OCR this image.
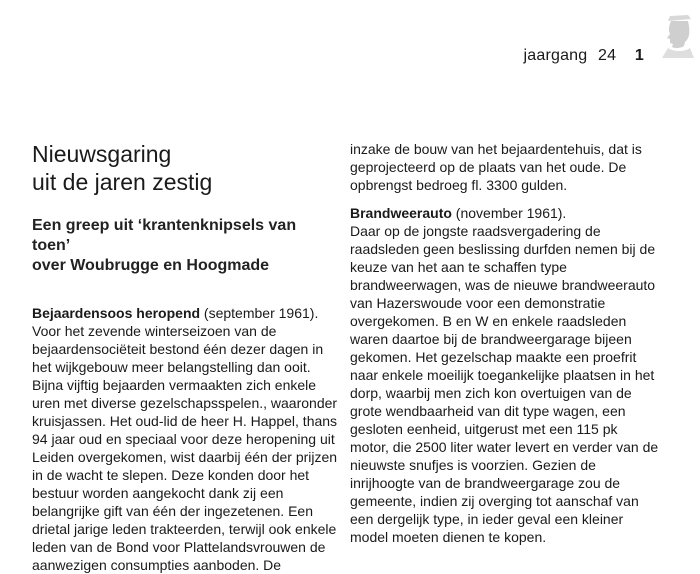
jaargang 24 1
Nieuwsgaring
uit de jaren zestig
Een greep uit ‘krantenknipsels van toen’
over Woubrugge en Hoogmade
Bejaardensoos heropend (september 1961).
Voor het zevende winterseizoen van de
bejaardensociëteit bestond één dezer dagen in
het wijkgebouw meer belangstelling dan ooit.
Bijna vijftig bejaarden vermaakten zich enkele
uren met diverse gezelschapsspelen., waaronder
kruisjassen. Het oud-lid de heer H. Happel, thans
94 jaar oud en speciaal voor deze heropening uit
Leiden overgekomen, wist daarbij één der prijzen
in de wacht te slepen. Deze konden door het
bestuur worden aangekocht dank zij een
belangrijke gift van één der ingezetenen. Een
drietal jarige leden trakteerden, terwijl ook enkele
leden van de Bond voor Plattelandsvrouwen de
aanwezigen consumpties aanboden. De
inzake de bouw van het bejaardentehuis, dat is
geprojecteerd op de plaats van het oude. De
opbrengst bedroeg fl. 3300 gulden.
Brandweerauto (november 1961).
Daar op de jongste raadsvergadering de
raadsleden geen beslissing durfden nemen bij de
keuze van het aan te schaffen type
brandweerwagen, was de nieuwe brandweerauto
van Hazerswoude voor een demonstratie
overgekomen. B en W en enkele raadsleden
waren daartoe bij de brandweergarage bijeen
gekomen. Het gezelschap maakte een proefrit
naar enkele moeilijk toegankelijke plaatsen in het
dorp, waarbij men zich kon overtuigen van de
grote wendbaarheid van dit type wagen, een
gesloten eenheid, uitgerust met een 115 pk
motor, die 2500 liter water levert en verder van de
nieuwste snufjes is voorzien. Gezien de
inrijhoogte van de brandweergarage zou de
gemeente, indien zij overging tot aanschaf van
een dergelijk type, in ieder geval een kleiner
model moeten dienen te kopen.
